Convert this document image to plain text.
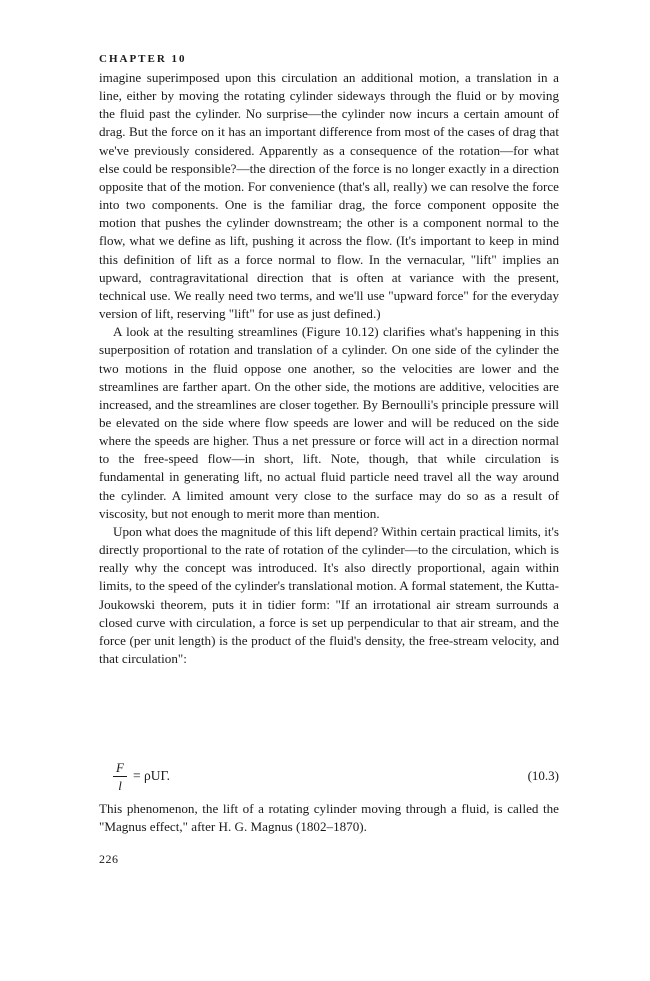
CHAPTER 10

imagine superimposed upon this circulation an additional motion, a translation in a line, either by moving the rotating cylinder sideways through the fluid or by moving the fluid past the cylinder. No surprise—the cylinder now incurs a certain amount of drag. But the force on it has an important difference from most of the cases of drag that we've previously considered. Apparently as a consequence of the rotation—for what else could be responsible?—the direction of the force is no longer exactly in a direction opposite that of the motion. For convenience (that's all, really) we can resolve the force into two components. One is the familiar drag, the force component opposite the motion that pushes the cylinder downstream; the other is a component normal to the flow, what we define as lift, pushing it across the flow. (It's important to keep in mind this definition of lift as a force normal to flow. In the vernacular, "lift" implies an upward, contragravitational direction that is often at variance with the present, technical use. We really need two terms, and we'll use "upward force" for the everyday version of lift, reserving "lift" for use as just defined.)

A look at the resulting streamlines (Figure 10.12) clarifies what's happening in this superposition of rotation and translation of a cylinder. On one side of the cylinder the two motions in the fluid oppose one another, so the velocities are lower and the streamlines are farther apart. On the other side, the motions are additive, velocities are increased, and the streamlines are closer together. By Bernoulli's principle pressure will be elevated on the side where flow speeds are lower and will be reduced on the side where the speeds are higher. Thus a net pressure or force will act in a direction normal to the free-speed flow—in short, lift. Note, though, that while circulation is fundamental in generating lift, no actual fluid particle need travel all the way around the cylinder. A limited amount very close to the surface may do so as a result of viscosity, but not enough to merit more than mention.

Upon what does the magnitude of this lift depend? Within certain practical limits, it's directly proportional to the rate of rotation of the cylinder—to the circulation, which is really why the concept was introduced. It's also directly proportional, again within limits, to the speed of the cylinder's translational motion. A formal statement, the Kutta-Joukowski theorem, puts it in tidier form: "If an irrotational air stream surrounds a closed curve with circulation, a force is set up perpendicular to that air stream, and the force (per unit length) is the product of the fluid's density, the free-stream velocity, and that circulation":

F
l
= ρUΓ.	(10.3)

This phenomenon, the lift of a rotating cylinder moving through a fluid, is called the "Magnus effect," after H. G. Magnus (1802–1870).

226
